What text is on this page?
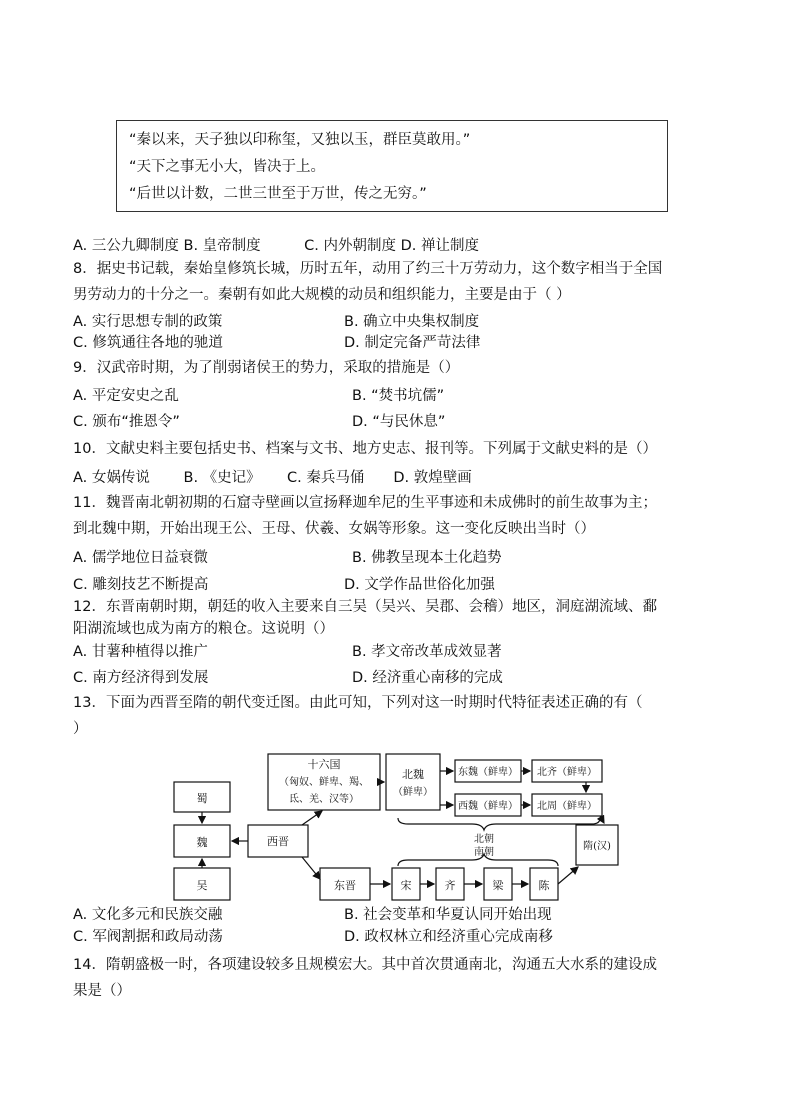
“秦以来，天子独以印称玺，又独以玉，群臣莫敢用。”
“天下之事无小大，皆决于上。
“后世以计数，二世三世至于万世，传之无穷。”
A. 三公九卿制度 B. 皇帝制度　　　C. 内外朝制度 D. 禅让制度
8．据史书记载，秦始皇修筑长城，历时五年，动用了约三十万劳动力，这个数字相当于全国
男劳动力的十分之一。秦朝有如此大规模的动员和组织能力，主要是由于（ ）
A. 实行思想专制的政策	B. 确立中央集权制度
C. 修筑通往各地的驰道	D. 制定完备严苛法律
9．汉武帝时期，为了削弱诸侯王的势力，采取的措施是（）
A. 平定安史之乱	B. “焚书坑儒”
C. 颁布“推恩令”	D. “与民休息”
10．文献史料主要包括史书、档案与文书、地方史志、报刊等。下列属于文献史料的是（）
A. 女娲传说　　 B. 《史记》　　 C. 秦兵马俑　　D. 敦煌壁画
11．魏晋南北朝初期的石窟寺壁画以宣扬释迦牟尼的生平事迹和未成佛时的前生故事为主；
到北魏中期，开始出现王公、王母、伏羲、女娲等形象。这一变化反映出当时（）
A. 儒学地位日益衰微	B. 佛教呈现本土化趋势
C. 雕刻技艺不断提高	D. 文学作品世俗化加强
12．东晋南朝时期，朝廷的收入主要来自三吴（吴兴、吴郡、会稽）地区，洞庭湖流域、鄱
阳湖流域也成为南方的粮仓。这说明（）
A. 甘薯种植得以推广	B. 孝文帝改革成效显著
C. 南方经济得到发展	D. 经济重心南移的完成
13．下面为西晋至隋的朝代变迁图。由此可知，下列对这一时期时代特征表述正确的有（
）
蜀
魏
吴
西晋
十六国
（匈奴、鲜卑、羯、
氐、羌、汉等）
北魏
（鲜卑）
东魏（鲜卑）
西魏（鲜卑）
北齐（鲜卑）
北周（鲜卑）
北朝
南朝
隋(汉)
东晋	宋	齐	梁	陈
A. 文化多元和民族交融	B. 社会变革和华夏认同开始出现
C. 军阀割据和政局动荡	D. 政权林立和经济重心完成南移
14．隋朝盛极一时，各项建设较多且规模宏大。其中首次贯通南北，沟通五大水系的建设成
果是（）
